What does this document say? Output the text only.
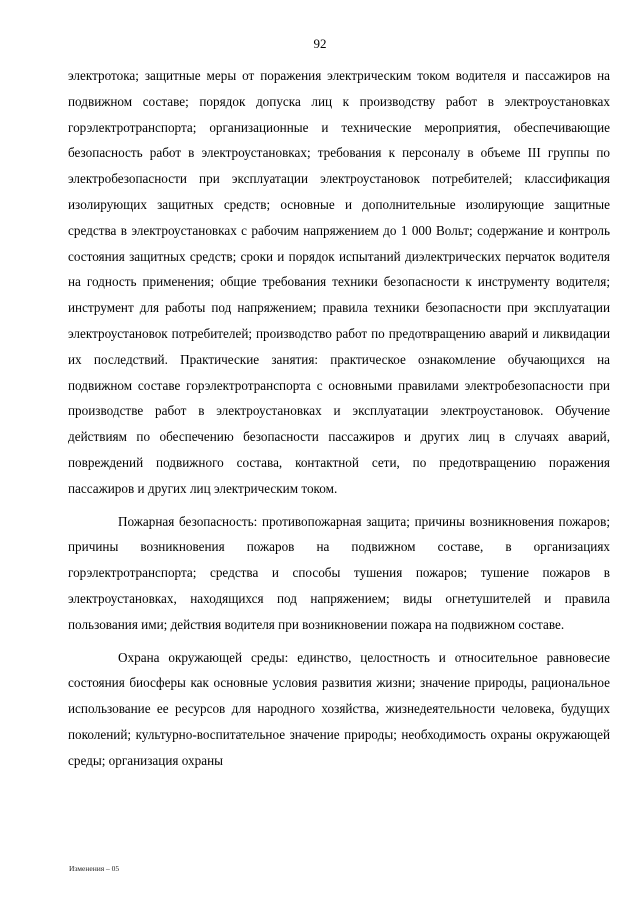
92

электротока; защитные меры от поражения электрическим током водителя и пассажиров на подвижном составе; порядок допуска лиц к производству работ в электроустановках горэлектротранспорта; организационные и технические мероприятия, обеспечивающие безопасность работ в электроустановках; требования к персоналу в объеме III группы по электробезопасности при эксплуатации электроустановок потребителей; классификация изолирующих защитных средств; основные и дополнительные изолирующие защитные средства в электроустановках с рабочим напряжением до 1 000 Вольт; содержание и контроль состояния защитных средств; сроки и порядок испытаний диэлектрических перчаток водителя на годность применения; общие требования техники безопасности к инструменту водителя; инструмент для работы под напряжением; правила техники безопасности при эксплуатации электроустановок потребителей; производство работ по предотвращению аварий и ликвидации их последствий. Практические занятия: практическое ознакомление обучающихся на подвижном составе горэлектротранспорта с основными правилами электробезопасности при производстве работ в электроустановках и эксплуатации электроустановок. Обучение действиям по обеспечению безопасности пассажиров и других лиц в случаях аварий, повреждений подвижного состава, контактной сети, по предотвращению поражения пассажиров и других лиц электрическим током.

Пожарная безопасность: противопожарная защита; причины возникновения пожаров; причины возникновения пожаров на подвижном составе, в организациях горэлектротранспорта; средства и способы тушения пожаров; тушение пожаров в электроустановках, находящихся под напряжением; виды огнетушителей и правила пользования ими; действия водителя при возникновении пожара на подвижном составе.

Охрана окружающей среды: единство, целостность и относительное равновесие состояния биосферы как основные условия развития жизни; значение природы, рациональное использование ее ресурсов для народного хозяйства, жизнедеятельности человека, будущих поколений; культурно-воспитательное значение природы; необходимость охраны окружающей среды; организация охраны

Изменения – 05
